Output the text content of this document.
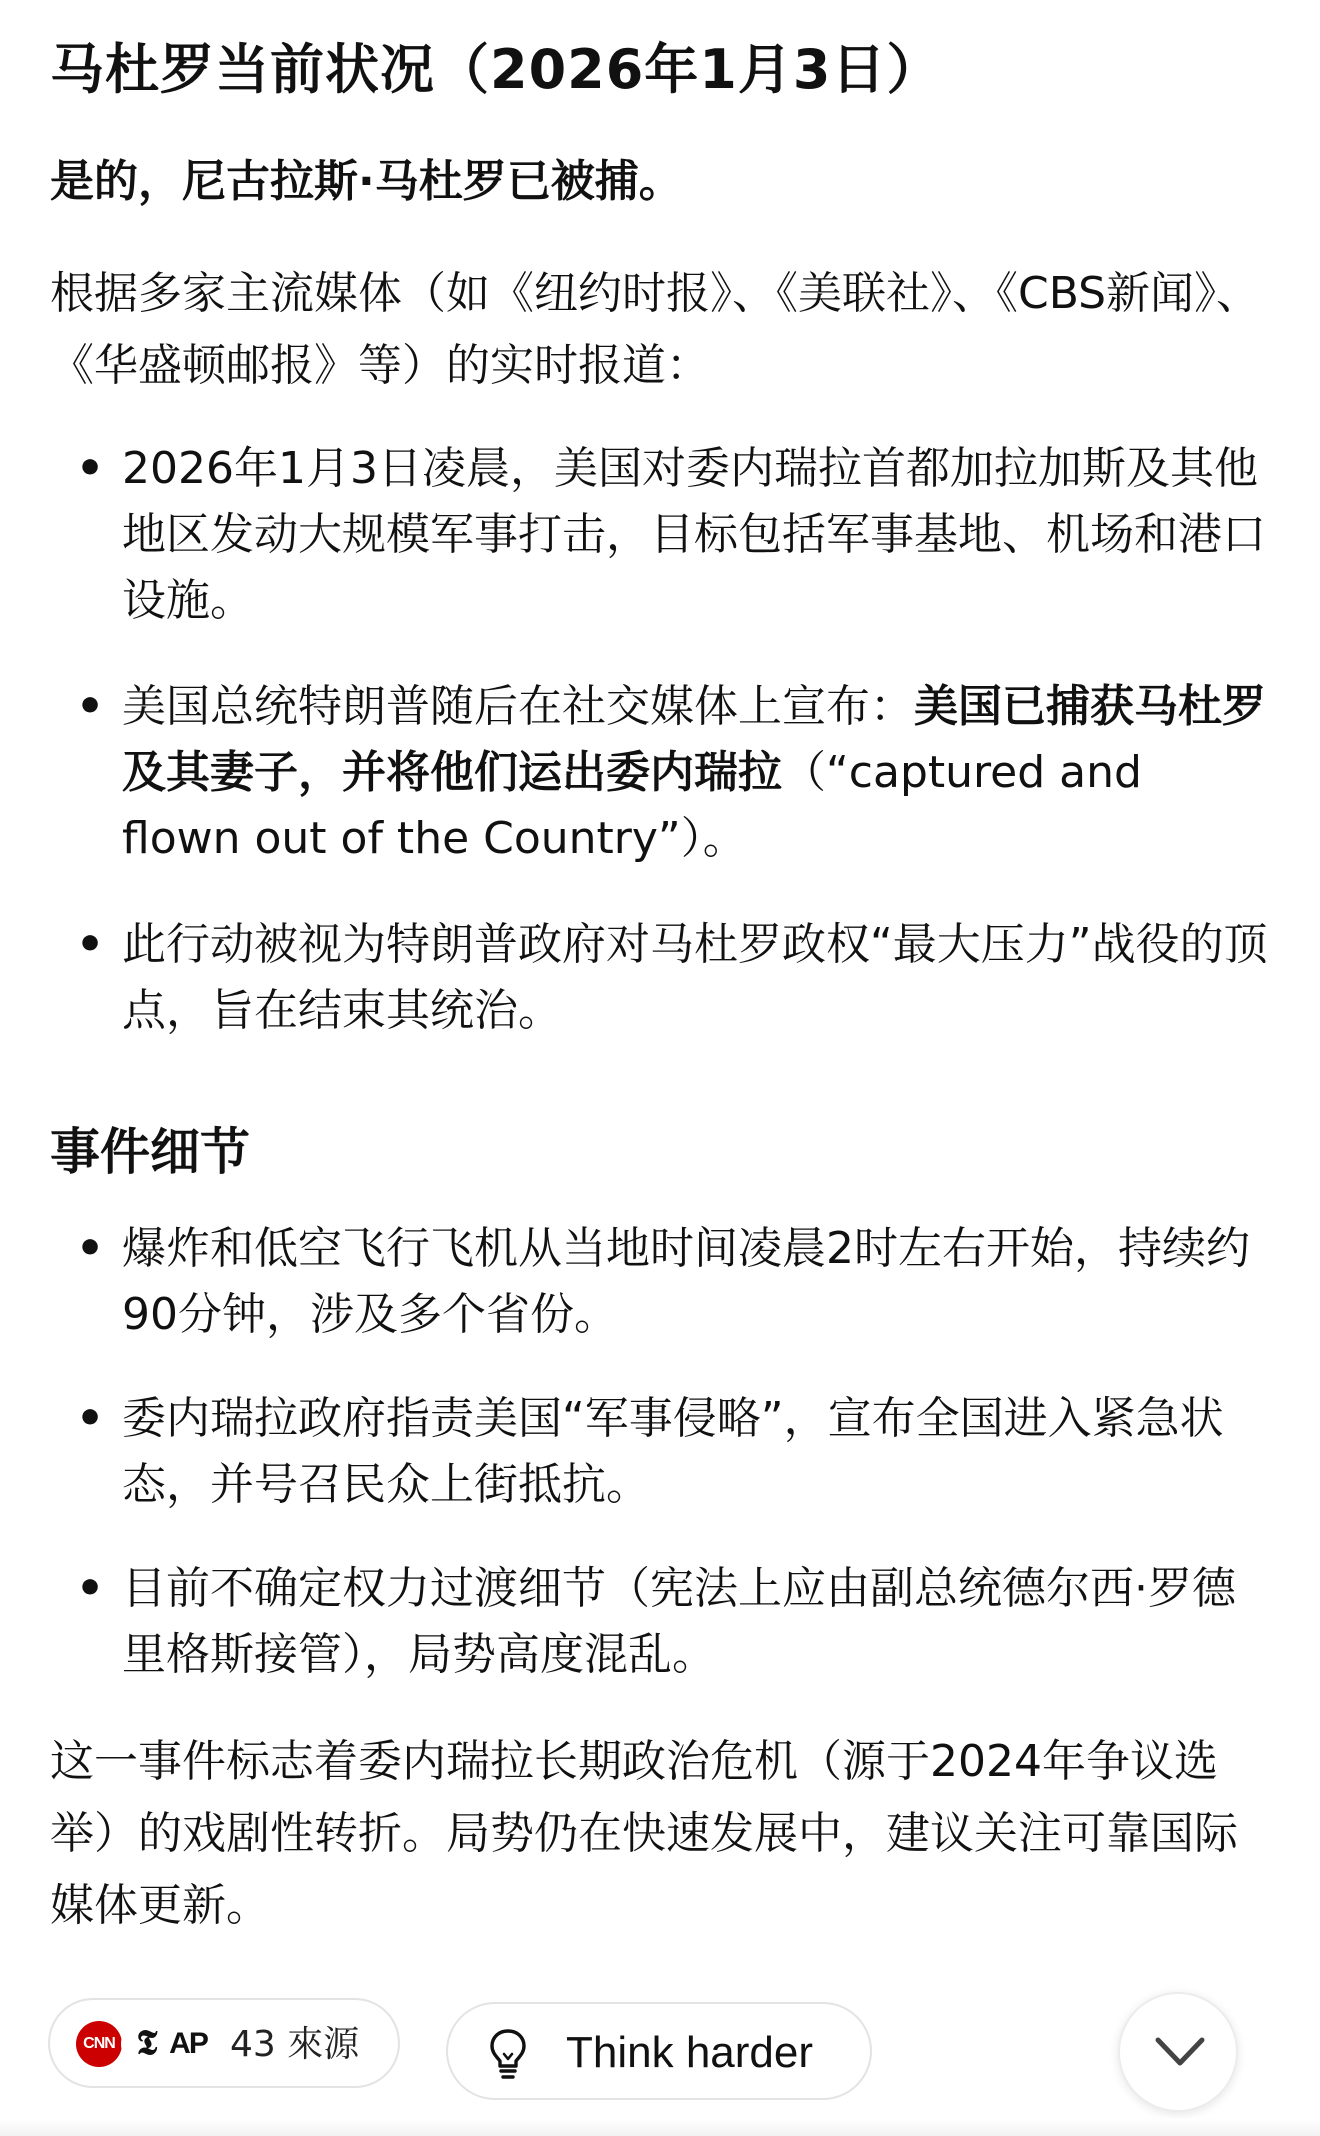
马杜罗当前状况（2026年1月3日）
是的，尼古拉斯·马杜罗已被捕。
根据多家主流媒体（如《纽约时报》、《美联社》、《CBS新闻》、《华盛顿邮报》等）的实时报道：
• 2026年1月3日凌晨，美国对委内瑞拉首都加拉加斯及其他地区发动大规模军事打击，目标包括军事基地、机场和港口设施。
• 美国总统特朗普随后在社交媒体上宣布：美国已捕获马杜罗及其妻子，并将他们运出委内瑞拉（“captured and flown out of the Country”）。
• 此行动被视为特朗普政府对马杜罗政权“最大压力”战役的顶点，旨在结束其统治。
事件细节
• 爆炸和低空飞行飞机从当地时间凌晨2时左右开始，持续约90分钟，涉及多个省份。
• 委内瑞拉政府指责美国“军事侵略”，宣布全国进入紧急状态，并号召民众上街抵抗。
• 目前不确定权力过渡细节（宪法上应由副总统德尔西·罗德里格斯接管），局势高度混乱。
这一事件标志着委内瑞拉长期政治危机（源于2024年争议选举）的戏剧性转折。局势仍在快速发展中，建议关注可靠国际媒体更新。
CNN 𝕿 AP 43 來源	Think harder
